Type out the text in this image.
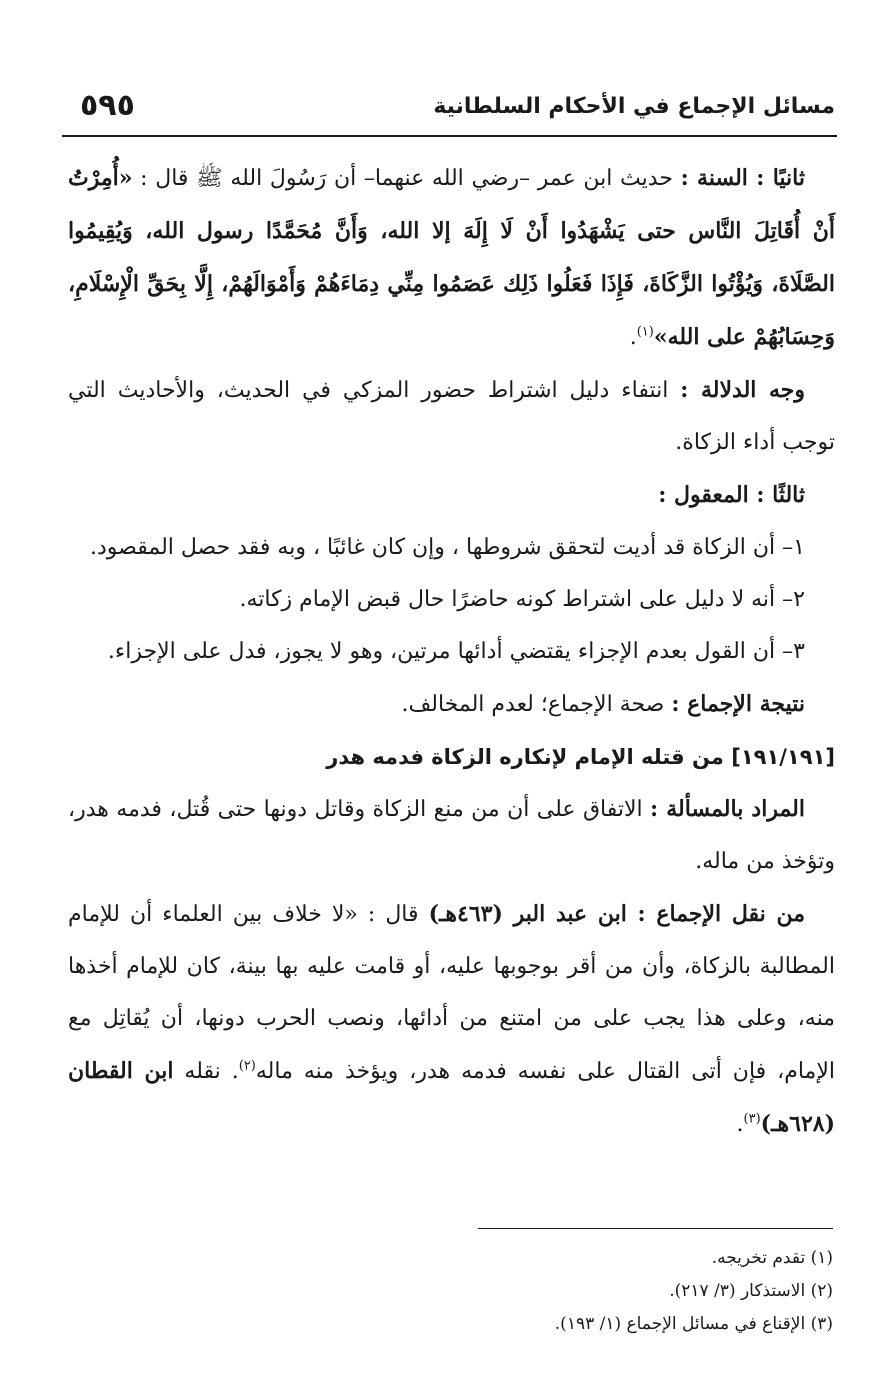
مسائل الإجماع في الأحكام السلطانية
٥٩٥

ثانيًا : السنة : حديث ابن عمر –رضي الله عنهما– أن رَسُولَ الله ﷺ قال : «أُمِرْتُ أَنْ أُقَاتِلَ النَّاس حتى يَشْهَدُوا أَنْ لَا إِلَهَ إلا الله، وَأَنَّ مُحَمَّدًا رسول الله، وَيُقِيمُوا الصَّلَاةَ، وَيُؤْتُوا الزَّكَاةَ، فَإِذَا فَعَلُوا ذَلِك عَصَمُوا مِنِّي دِمَاءَهُمْ وَأَمْوَالَهُمْ، إِلَّا بِحَقِّ الْإِسْلَامِ، وَحِسَابُهُمْ على الله»$^{(١)}$.

وجه الدلالة : انتفاء دليل اشتراط حضور المزكي في الحديث، والأحاديث التي توجب أداء الزكاة.

ثالثًا : المعقول :

١– أن الزكاة قد أديت لتحقق شروطها ، وإن كان غائبًا ، وبه فقد حصل المقصود.

٢– أنه لا دليل على اشتراط كونه حاضرًا حال قبض الإمام زكاته.

٣– أن القول بعدم الإجزاء يقتضي أدائها مرتين، وهو لا يجوز، فدل على الإجزاء.

نتيجة الإجماع : صحة الإجماع؛ لعدم المخالف.

[١٩١/١٩١] من قتله الإمام لإنكاره الزكاة فدمه هدر

المراد بالمسألة : الاتفاق على أن من منع الزكاة وقاتل دونها حتى قُتل، فدمه هدر، وتؤخذ من ماله.

من نقل الإجماع : ابن عبد البر (٤٦٣هـ) قال : «لا خلاف بين العلماء أن للإمام المطالبة بالزكاة، وأن من أقر بوجوبها عليه، أو قامت عليه بها بينة، كان للإمام أخذها منه، وعلى هذا يجب على من امتنع من أدائها، ونصب الحرب دونها، أن يُقاتِل مع الإمام، فإن أتى القتال على نفسه فدمه هدر، ويؤخذ منه ماله$^{(٢)}$. نقله ابن القطان (٦٢٨هـ)$^{(٣)}$.

(١) تقدم تخريجه.

(٢) الاستذكار (٣/ ٢١٧).

(٣) الإقناع في مسائل الإجماع (١/ ١٩٣).
